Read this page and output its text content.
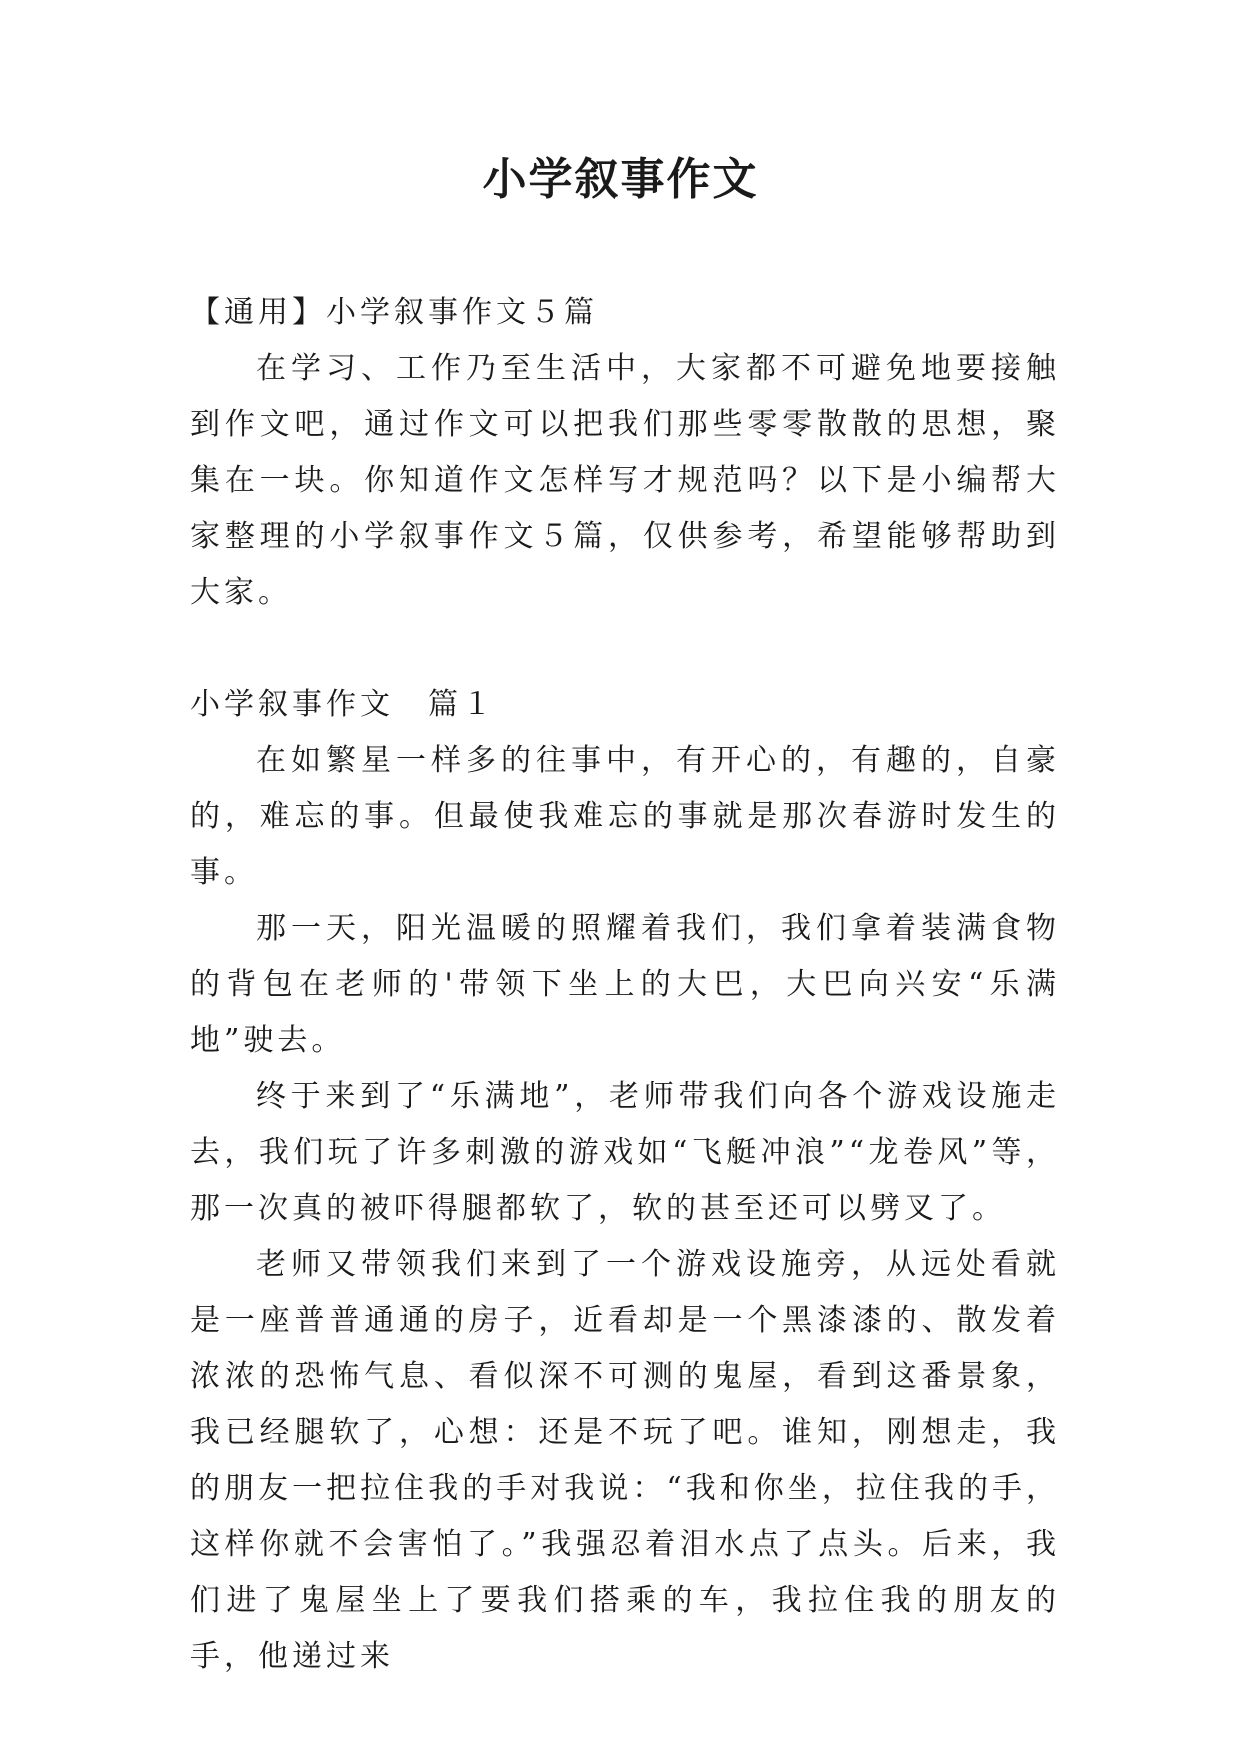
小学叙事作文

【通用】小学叙事作文５篇

在学习、工作乃至生活中，大家都不可避免地要接触到作文吧，通过作文可以把我们那些零零散散的思想，聚集在一块。你知道作文怎样写才规范吗？以下是小编帮大家整理的小学叙事作文５篇，仅供参考，希望能够帮助到大家。

小学叙事作文　篇１

在如繁星一样多的往事中，有开心的，有趣的，自豪的，难忘的事。但最使我难忘的事就是那次春游时发生的事。

那一天，阳光温暖的照耀着我们，我们拿着装满食物的背包在老师的'带领下坐上的大巴，大巴向兴安“乐满地”驶去。

终于来到了“乐满地”，老师带我们向各个游戏设施走去，我们玩了许多刺激的游戏如“飞艇冲浪”“龙卷风”等，那一次真的被吓得腿都软了，软的甚至还可以劈叉了。

老师又带领我们来到了一个游戏设施旁，从远处看就是一座普普通通的房子，近看却是一个黑漆漆的、散发着浓浓的恐怖气息、看似深不可测的鬼屋，看到这番景象，我已经腿软了，心想：还是不玩了吧。谁知，刚想走，我的朋友一把拉住我的手对我说：“我和你坐，拉住我的手，这样你就不会害怕了。”我强忍着泪水点了点头。后来，我们进了鬼屋坐上了要我们搭乘的车，我拉住我的朋友的手，他递过来
